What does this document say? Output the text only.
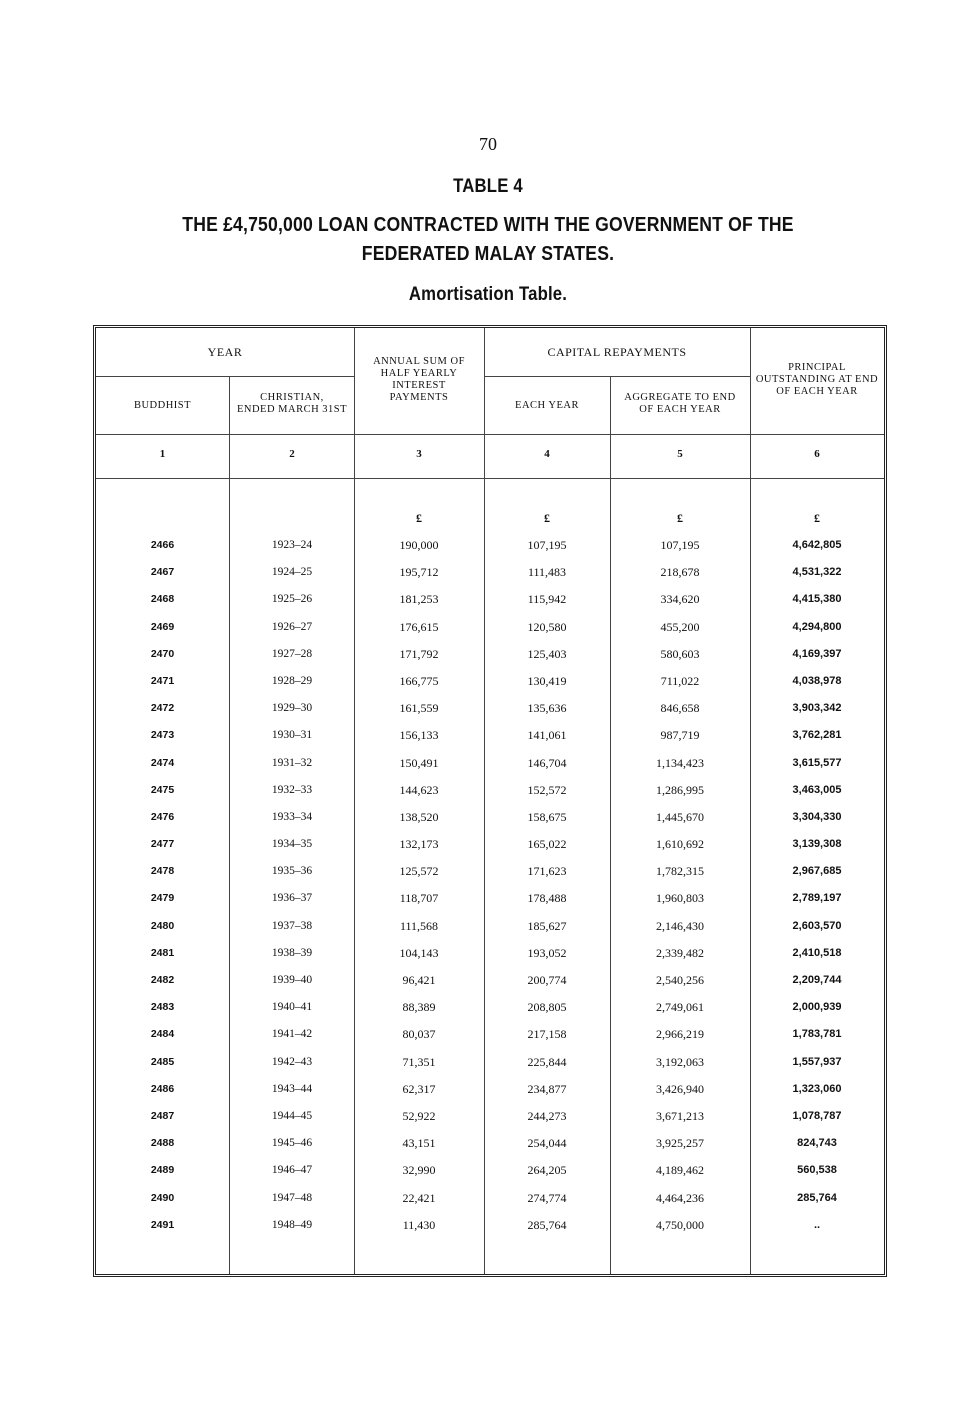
70
TABLE 4
THE £4,750,000 LOAN CONTRACTED WITH THE GOVERNMENT OF THE
FEDERATED MALAY STATES.
Amortisation Table.
YEAR
BUDDHIST
CHRISTIAN,
ENDED MARCH 31ST
ANNUAL SUM OF
HALF YEARLY
INTEREST
PAYMENTS
CAPITAL REPAYMENTS
EACH YEAR
AGGREGATE TO END
OF EACH YEAR
PRINCIPAL
OUTSTANDING AT END
OF EACH YEAR
1	2	3	4	5	6
£	£	£	£
2466	1923–24	190,000	107,195	107,195	4,642,805
2467	1924–25	195,712	111,483	218,678	4,531,322
2468	1925–26	181,253	115,942	334,620	4,415,380
2469	1926–27	176,615	120,580	455,200	4,294,800
2470	1927–28	171,792	125,403	580,603	4,169,397
2471	1928–29	166,775	130,419	711,022	4,038,978
2472	1929–30	161,559	135,636	846,658	3,903,342
2473	1930–31	156,133	141,061	987,719	3,762,281
2474	1931–32	150,491	146,704	1,134,423	3,615,577
2475	1932–33	144,623	152,572	1,286,995	3,463,005
2476	1933–34	138,520	158,675	1,445,670	3,304,330
2477	1934–35	132,173	165,022	1,610,692	3,139,308
2478	1935–36	125,572	171,623	1,782,315	2,967,685
2479	1936–37	118,707	178,488	1,960,803	2,789,197
2480	1937–38	111,568	185,627	2,146,430	2,603,570
2481	1938–39	104,143	193,052	2,339,482	2,410,518
2482	1939–40	96,421	200,774	2,540,256	2,209,744
2483	1940–41	88,389	208,805	2,749,061	2,000,939
2484	1941–42	80,037	217,158	2,966,219	1,783,781
2485	1942–43	71,351	225,844	3,192,063	1,557,937
2486	1943–44	62,317	234,877	3,426,940	1,323,060
2487	1944–45	52,922	244,273	3,671,213	1,078,787
2488	1945–46	43,151	254,044	3,925,257	824,743
2489	1946–47	32,990	264,205	4,189,462	560,538
2490	1947–48	22,421	274,774	4,464,236	285,764
2491	1948–49	11,430	285,764	4,750,000	..
